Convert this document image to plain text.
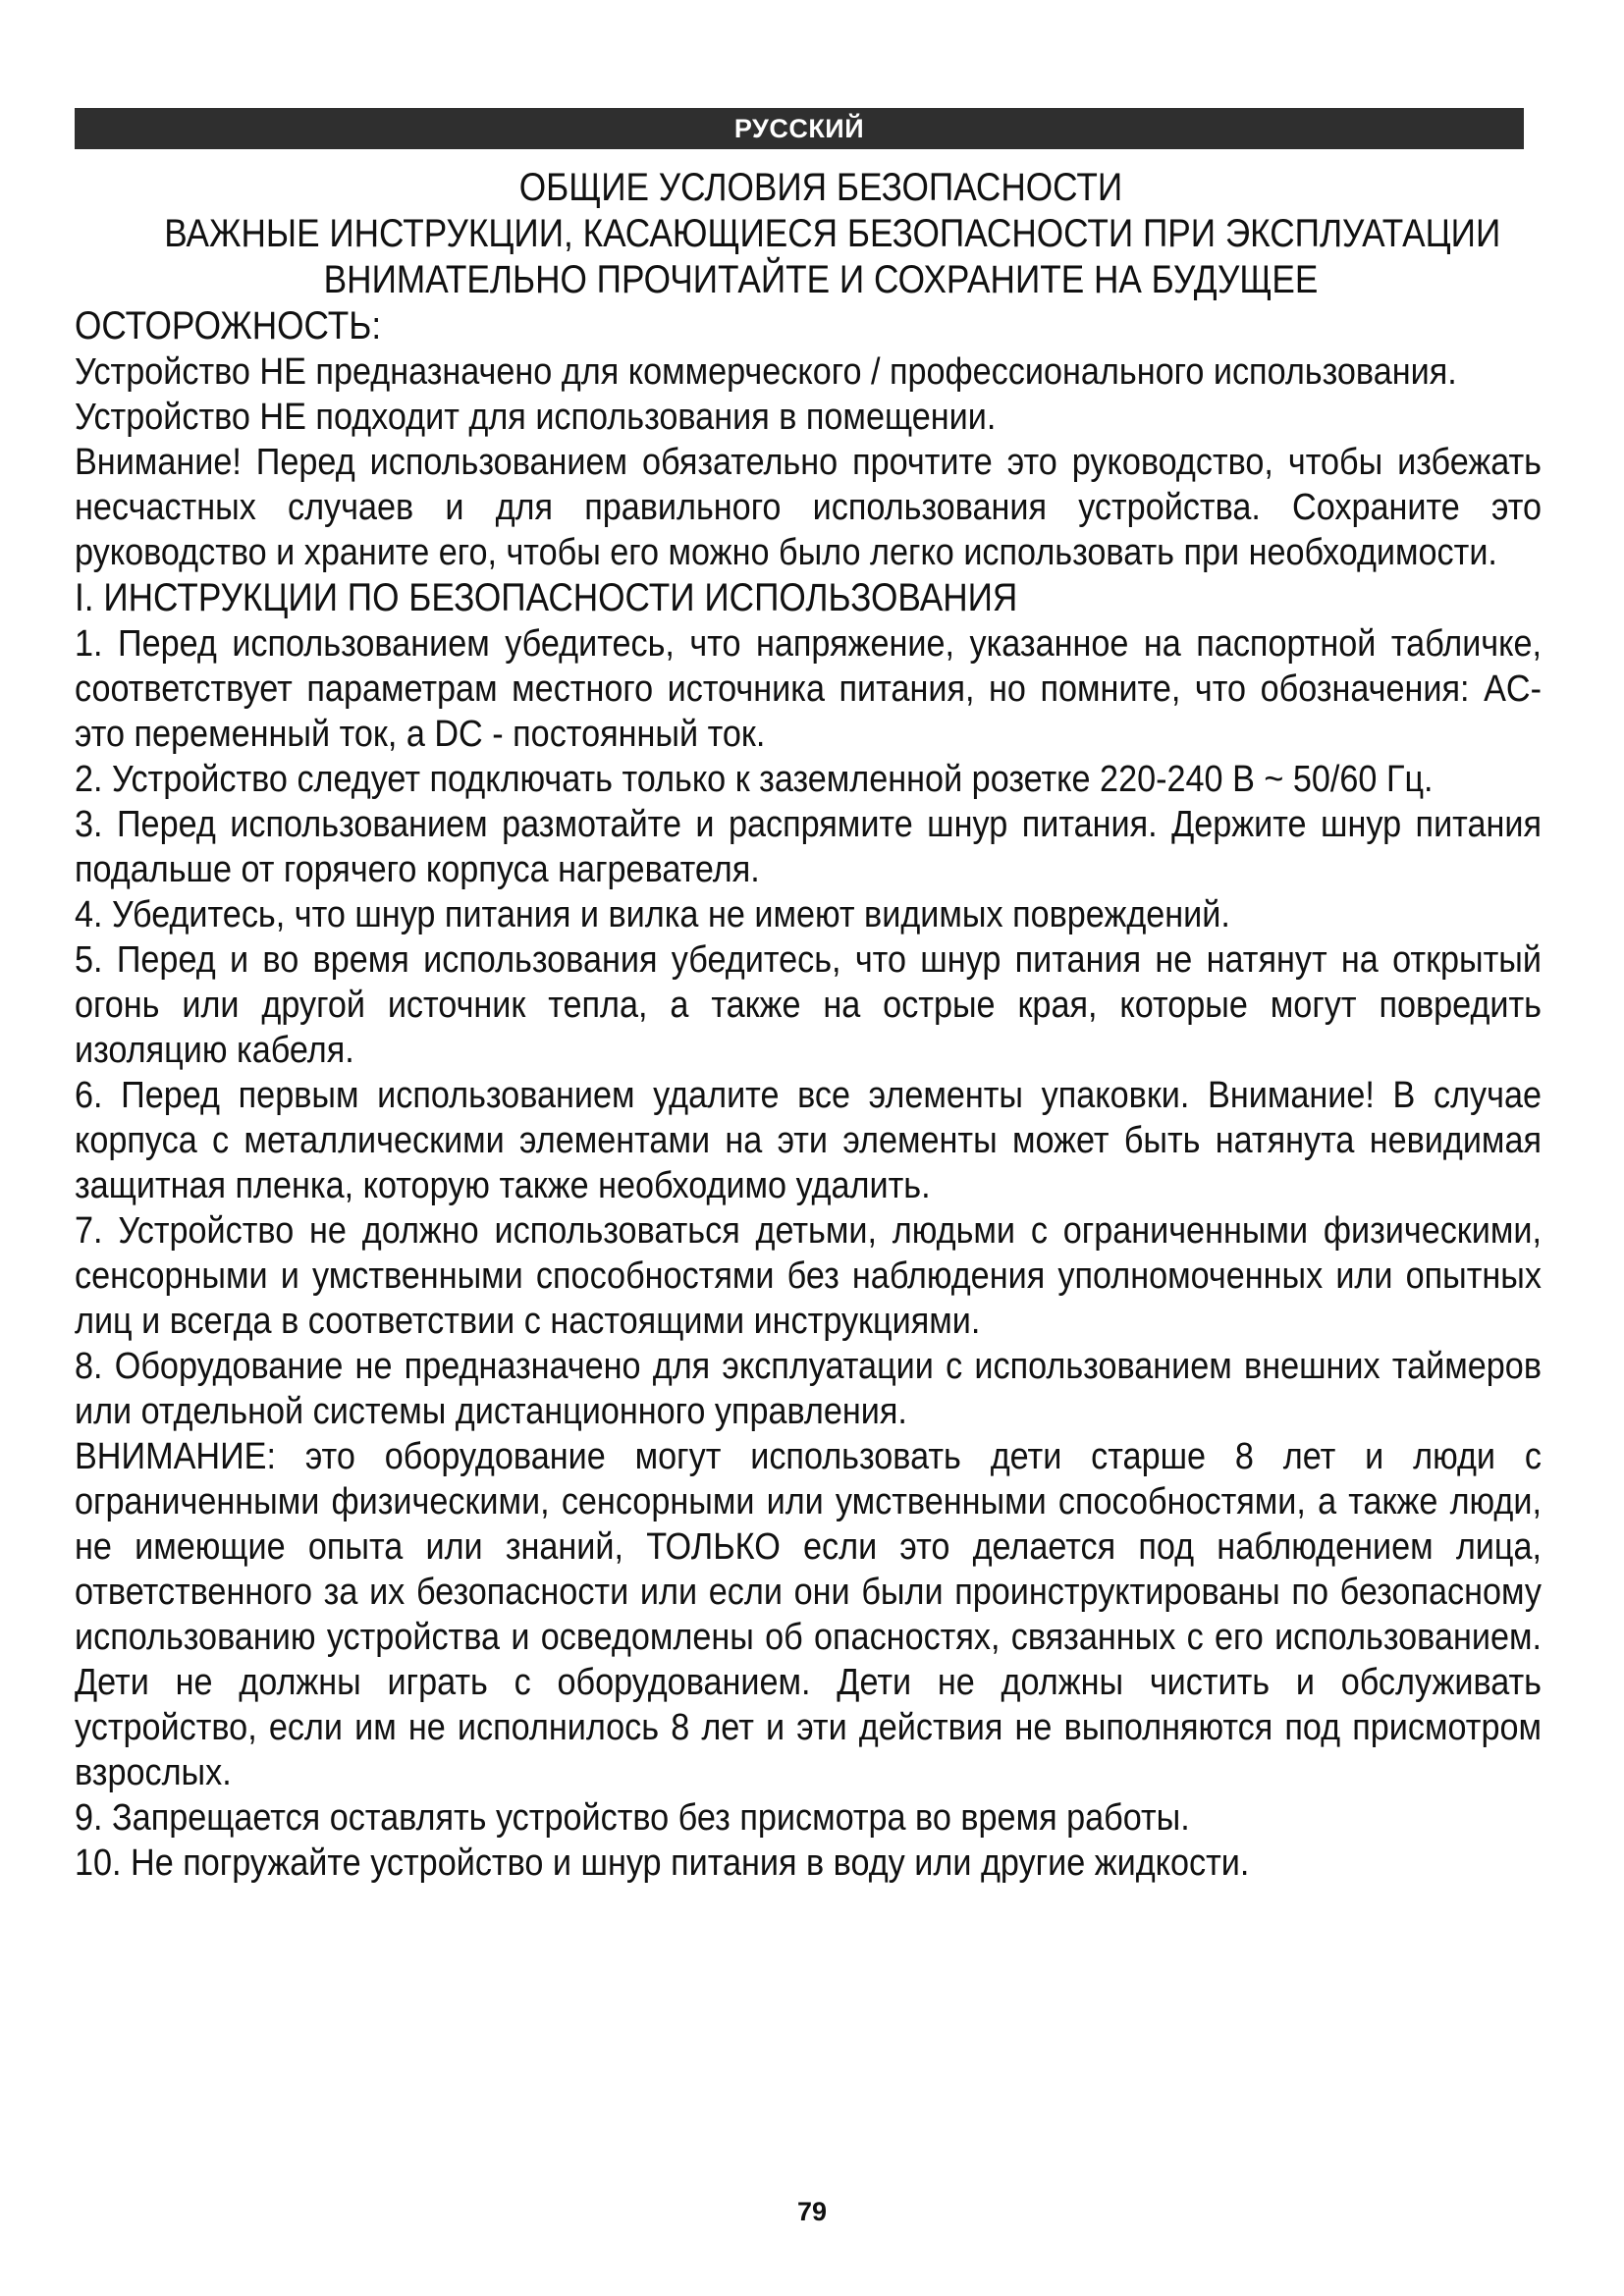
РУССКИЙ
ОБЩИЕ УСЛОВИЯ БЕЗОПАСНОСТИ
ВАЖНЫЕ ИНСТРУКЦИИ, КАСАЮЩИЕСЯ БЕЗОПАСНОСТИ ПРИ ЭКСПЛУАТАЦИИ
ВНИМАТЕЛЬНО ПРОЧИТАЙТЕ И СОХРАНИТЕ НА БУДУЩЕЕ
ОСТОРОЖНОСТЬ:

Устройство НЕ предназначено для коммерческого / профессионального использования.

Устройство НЕ подходит для использования в помещении.

Внимание! Перед использованием обязательно прочтите это руководство, чтобы избежать несчастных случаев и для правильного использования устройства. Сохраните это руководство и храните его, чтобы его можно было легко использовать при необходимости.

I. ИНСТРУКЦИИ ПО БЕЗОПАСНОСТИ ИСПОЛЬЗОВАНИЯ

1. Перед использованием убедитесь, что напряжение, указанное на паспортной табличке, соответствует параметрам местного источника питания, но помните, что обозначения: AC- это переменный ток, а DC - постоянный ток.

2. Устройство следует подключать только к заземленной розетке 220-240 В ~ 50/60 Гц.

3. Перед использованием размотайте и распрямите шнур питания. Держите шнур питания подальше от горячего корпуса нагревателя.

4. Убедитесь, что шнур питания и вилка не имеют видимых повреждений.

5. Перед и во время использования убедитесь, что шнур питания не натянут на открытый огонь или другой источник тепла, а также на острые края, которые могут повредить изоляцию кабеля.

6. Перед первым использованием удалите все элементы упаковки. Внимание! В случае корпуса с металлическими элементами на эти элементы может быть натянута невидимая защитная пленка, которую также необходимо удалить.

7. Устройство не должно использоваться детьми, людьми с ограниченными физическими, сенсорными и умственными способностями без наблюдения уполномоченных или опытных лиц и всегда в соответствии с настоящими инструкциями.

8. Оборудование не предназначено для эксплуатации с использованием внешних таймеров или отдельной системы дистанционного управления.

ВНИМАНИЕ: это оборудование могут использовать дети старше 8 лет и люди с ограниченными физическими, сенсорными или умственными способностями, а также люди, не имеющие опыта или знаний, ТОЛЬКО если это делается под наблюдением лица, ответственного за их безопасности или если они были проинструктированы по безопасному использованию устройства и осведомлены об опасностях, связанных с его использованием. Дети не должны играть с оборудованием. Дети не должны чистить и обслуживать устройство, если им не исполнилось 8 лет и эти действия не выполняются под присмотром взрослых.

9. Запрещается оставлять устройство без присмотра во время работы.

10. Не погружайте устройство и шнур питания в воду или другие жидкости.

79
